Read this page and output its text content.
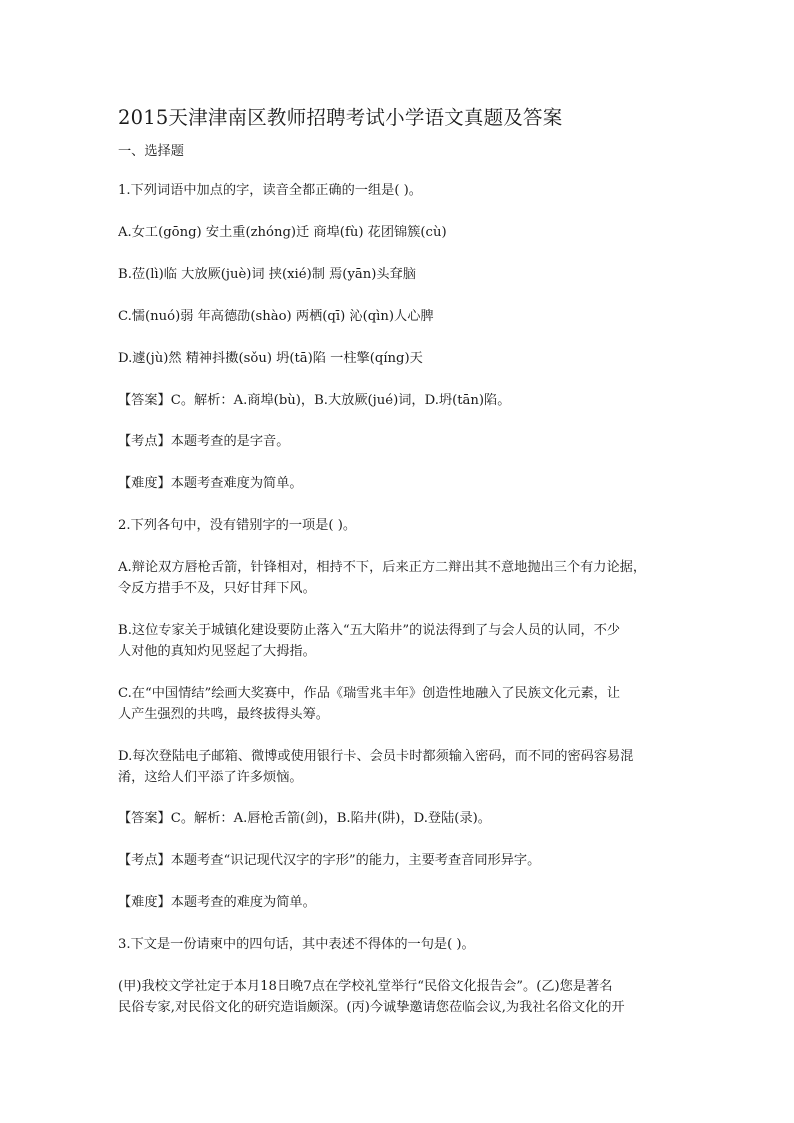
2015天津津南区教师招聘考试小学语文真题及答案
一、选择题
1.下列词语中加点的字，读音全都正确的一组是( )。
A.女工(gōng) 安土重(zhóng)迁 商埠(fù) 花团锦簇(cù)
B.莅(lì)临 大放厥(juè)词 挟(xié)制 焉(yān)头耷脑
C.懦(nuó)弱 年高德劭(shào) 两栖(qī) 沁(qìn)人心脾
D.遽(jù)然 精神抖擞(sǒu) 坍(tā)陷 一柱擎(qíng)天
【答案】C。解析：A.商埠(bù)，B.大放厥(jué)词，D.坍(tān)陷。
【考点】本题考查的是字音。
【难度】本题考查难度为简单。
2.下列各句中，没有错别字的一项是( )。
A.辩论双方唇枪舌箭，针锋相对，相持不下，后来正方二辩出其不意地抛出三个有力论据，
令反方措手不及，只好甘拜下风。
B.这位专家关于城镇化建设要防止落入“五大陷井”的说法得到了与会人员的认同，不少
人对他的真知灼见竖起了大拇指。
C.在“中国情结”绘画大奖赛中，作品《瑞雪兆丰年》创造性地融入了民族文化元素，让
人产生强烈的共鸣，最终拔得头筹。
D.每次登陆电子邮箱、微博或使用银行卡、会员卡时都须输入密码，而不同的密码容易混
淆，这给人们平添了许多烦恼。
【答案】C。解析：A.唇枪舌箭(剑)，B.陷井(阱)，D.登陆(录)。
【考点】本题考查“识记现代汉字的字形”的能力，主要考查音同形异字。
【难度】本题考查的难度为简单。
3.下文是一份请柬中的四句话，其中表述不得体的一句是( )。
(甲)我校文学社定于本月18日晚7点在学校礼堂举行“民俗文化报告会”。(乙)您是著名
民俗专家,对民俗文化的研究造诣颇深。(丙)今诚挚邀请您莅临会议,为我社名俗文化的开
